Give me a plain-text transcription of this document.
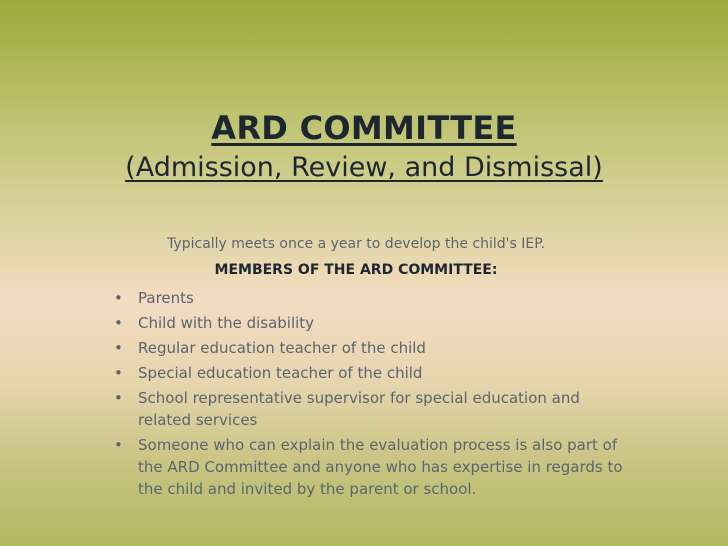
ARD COMMITTEE
(Admission, Review, and Dismissal)
Typically meets once a year to develop the child's IEP.
MEMBERS OF THE ARD COMMITTEE:
• Parents
• Child with the disability
• Regular education teacher of the child
• Special education teacher of the child
• School representative supervisor for special education and related services
• Someone who can explain the evaluation process is also part of the ARD Committee and anyone who has expertise in regards to the child and invited by the parent or school.
